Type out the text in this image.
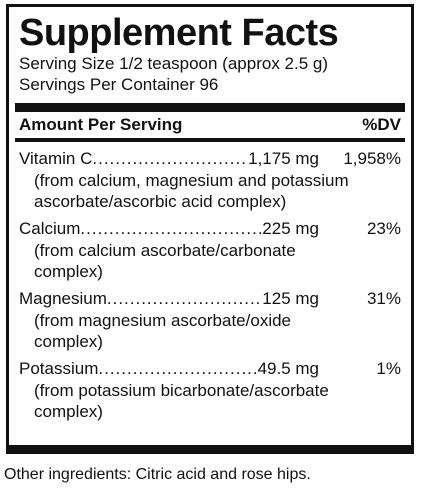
Supplement Facts
Serving Size 1/2 teaspoon (approx 2.5 g)
Servings Per Container 96
Amount Per Serving	%DV
Vitamin C .....	1,175 mg	1,958%
(from calcium, magnesium and potassium
ascorbate/ascorbic acid complex)
Calcium .....	225 mg	23%
(from calcium ascorbate/carbonate
complex)
Magnesium .....	125 mg	31%
(from magnesium ascorbate/oxide
complex)
Potassium .....	49.5 mg	1%
(from potassium bicarbonate/ascorbate
complex)
Other ingredients: Citric acid and rose hips.
